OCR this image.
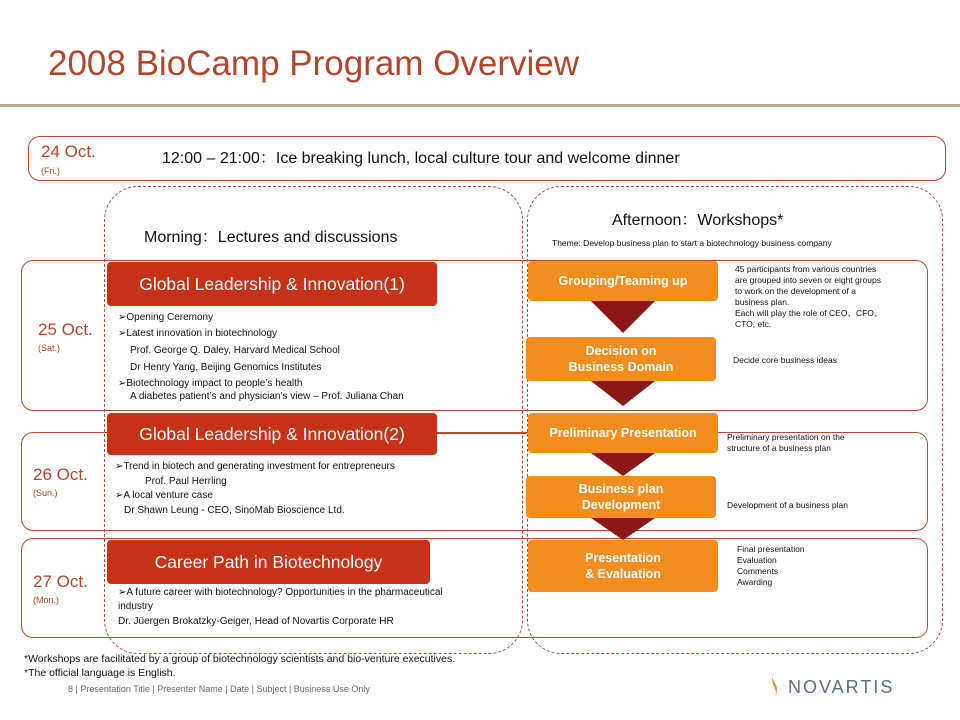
2008 BioCamp Program Overview
24 Oct.
(Fri.)
12:00 – 21:00：Ice breaking lunch, local culture tour and welcome dinner
25 Oct.
(Sat.)
26 Oct.
(Sun.)
27 Oct.
(Mon.)
Morning：Lectures and discussions
Afternoon：Workshops*
Theme: Develop business plan to start a biotechnology business company
Global Leadership & Innovation(1)
Global Leadership & Innovation(2)
Career Path in Biotechnology
➢Opening Ceremony
➢Latest innovation in biotechnology
Prof. George Q. Daley, Harvard Medical School
Dr Henry Yang, Beijing Genomics Institutes
➢Biotechnology impact to people’s health
A diabetes patient’s and physician’s view – Prof. Juliana Chan
➢Trend in biotech and generating investment for entrepreneurs
Prof. Paul Herrling
➢A local venture case
Dr Shawn Leung - CEO, SinoMab Bioscience Ltd.
➢A future career with biotechnology? Opportunities in the pharmaceutical
industry
Dr. Jüergen Brokatzky-Geiger, Head of Novartis Corporate HR
Grouping/Teaming up
Decision on
Business Domain
Preliminary Presentation
Business plan
Development
Presentation
& Evaluation
45 participants from various countries
are grouped into seven or eight groups
to work on the development of a
business plan.
Each will play the role of CEO、CFO、
CTO, etc.
Decide core business ideas
Preliminary presentation on the
structure of a business plan
Development of a business plan
Final presentation
Evaluation
Comments
Awarding
*Workshops are facilitated by a group of biotechnology scientists and bio-venture executives.
*The official language is English.
8 | Presentation Title | Presenter Name | Date | Subject | Business Use Only	NOVARTIS
